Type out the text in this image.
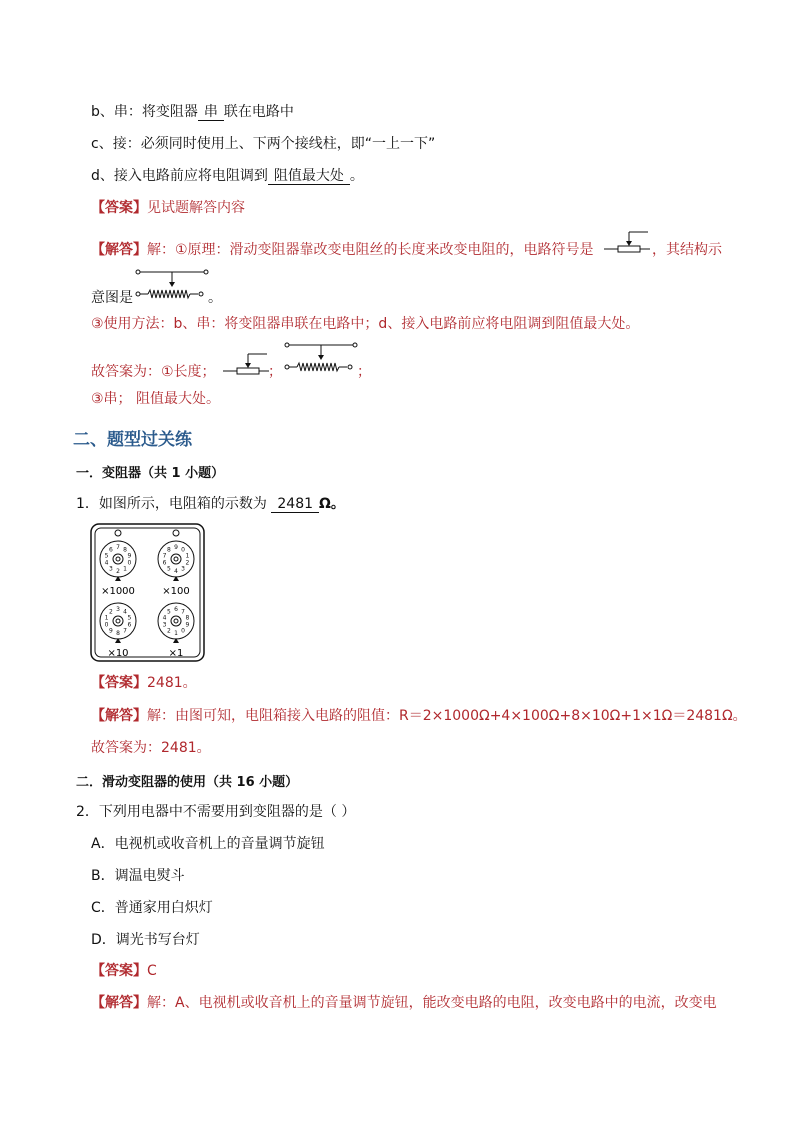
b、串：将变阻器 串 联在电路中
c、接：必须同时使用上、下两个接线柱，即“一上一下”
d、接入电路前应将电阻调到 阻值最大处 。
【答案】见试题解答内容
【解答】解：①原理：滑动变阻器靠改变电阻丝的长度来改变电阻的，电路符号是	，其结构示
意图是	。
③使用方法：b、串：将变阻器串联在电路中；d、接入电路前应将电阻调到阻值最大处。
故答案为：①长度；	；	；
③串； 阻值最大处。
二、题型过关练
一．变阻器（共 1 小题）
1．如图所示，电阻箱的示数为 2481 Ω。
2
3
4
5
6 7 8
9
0
1	4
5
6
7
8 9 0
1
2
3
8
9
0
1
2 3 4
5
6
7	1
2
3
4
5 6 7
8
9
0
×1000	×100
×10	×1
【答案】2481。
【解答】解：由图可知，电阻箱接入电路的阻值：R＝2×1000Ω+4×100Ω+8×10Ω+1×1Ω＝2481Ω。
故答案为：2481。
二．滑动变阻器的使用（共 16 小题）
2．下列用电器中不需要用到变阻器的是（ ）
A．电视机或收音机上的音量调节旋钮
B．调温电熨斗
C．普通家用白炽灯
D．调光书写台灯
【答案】C
【解答】解：A、电视机或收音机上的音量调节旋钮，能改变电路的电阻，改变电路中的电流，改变电
